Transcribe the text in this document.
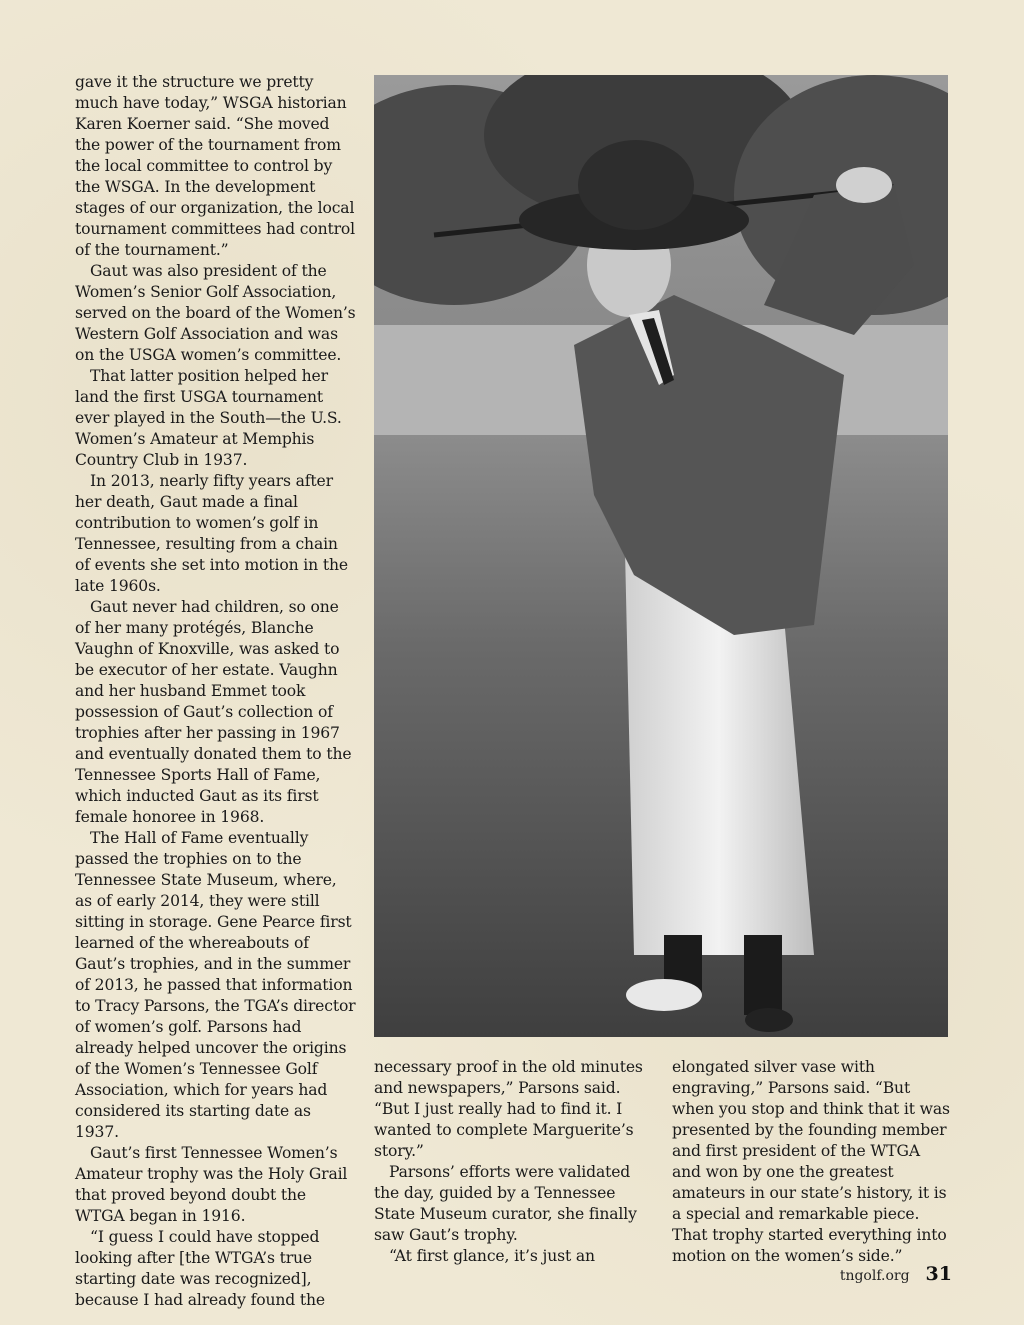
gave it the structure we pretty much have today,” WSGA historian Karen Koerner said. “She moved the power of the tournament from the local committee to control by the WSGA. In the development stages of our organization, the local tournament committees had control of the tournament.”

Gaut was also president of the Women’s Senior Golf Association, served on the board of the Women’s Western Golf Association and was on the USGA women’s committee.

That latter position helped her land the first USGA tournament ever played in the South—the U.S. Women’s Amateur at Memphis Country Club in 1937.

In 2013, nearly fifty years after her death, Gaut made a final contribution to women’s golf in Tennessee, resulting from a chain of events she set into motion in the late 1960s.

Gaut never had children, so one of her many protégés, Blanche Vaughn of Knoxville, was asked to be executor of her estate. Vaughn and her husband Emmet took possession of Gaut’s collection of trophies after her passing in 1967 and eventually donated them to the Tennessee Sports Hall of Fame, which inducted Gaut as its first female honoree in 1968.

The Hall of Fame eventually passed the trophies on to the Tennessee State Museum, where, as of early 2014, they were still sitting in storage. Gene Pearce first learned of the whereabouts of Gaut’s trophies, and in the summer of 2013, he passed that information to Tracy Parsons, the TGA’s director of women’s golf. Parsons had already helped uncover the origins of the Women’s Tennessee Golf Association, which for years had considered its starting date as 1937.

Gaut’s first Tennessee Women’s Amateur trophy was the Holy Grail that proved beyond doubt the WTGA began in 1916.

“I guess I could have stopped looking after [the WTGA’s true starting date was recognized], because I had already found the

necessary proof in the old minutes and newspapers,” Parsons said. “But I just really had to find it. I wanted to complete Marguerite’s story.”

Parsons’ efforts were validated the day, guided by a Tennessee State Museum curator, she finally saw Gaut’s trophy.

“At first glance, it’s just an

elongated silver vase with engraving,” Parsons said. “But when you stop and think that it was presented by the founding member and first president of the WTGA and won by one the greatest amateurs in our state’s history, it is a special and remarkable piece. That trophy started everything into motion on the women’s side.”

tngolf.org 31
